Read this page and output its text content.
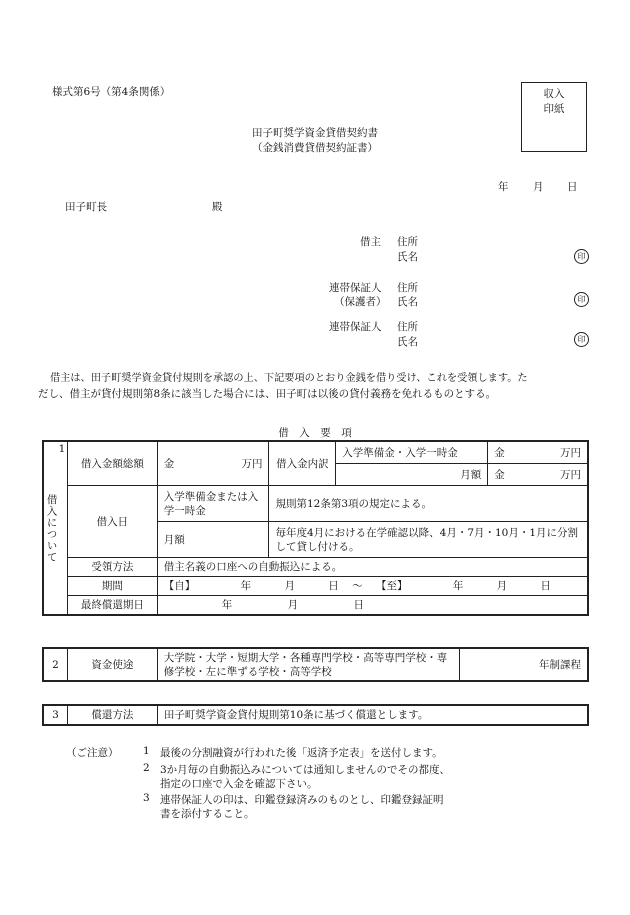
様式第6号（第4条関係）	収入
印紙
田子町奨学資金貸借契約書
（金銭消費貸借契約証書）
年 月 日
田子町長	殿
借主 住所
氏名	印
連帯保証人
（保護者）
住所
氏名	印
連帯保証人 住所
氏名	印
借主は、田子町奨学資金貸付規則を承認の上、下記要項のとおり金銭を借り受け、これを受領します。た
だし、借主が貸付規則第8条に該当した場合には、田子町は以後の貸付義務を免れるものとする。
借　入　要　項
1
借入について	借入金額総額	金 万円	借入金内訳	入学準備金・入学一時金	金 万円

				月額	金 万円

	借入日	入学準備金または入学一時金	規則第12条第3項の規定による。		
		月額	毎年度4月における在学確認以降、4月・7月・10月・1月に分割して貸し付ける。		
	受領方法	借主名義の口座への自動振込による。			
	期間	【自】 年 月 日 〜 【至】 年 月 日			
	最終償還期日	年 月 日			
2	資金使途	大学院・大学・短期大学・各種専門学校・高等専門学校・専修学校・左に準ずる学校・高等学校	年制課程
3	償還方法	田子町奨学資金貸付規則第10条に基づく償還とします。
（ご注意） 1 最後の分割融資が行われた後「返済予定表」を送付します。
2 3か月毎の自動振込みについては通知しませんのでその都度、
指定の口座で入金を確認下さい。
3 連帯保証人の印は、印鑑登録済みのものとし、印鑑登録証明
書を添付すること。
